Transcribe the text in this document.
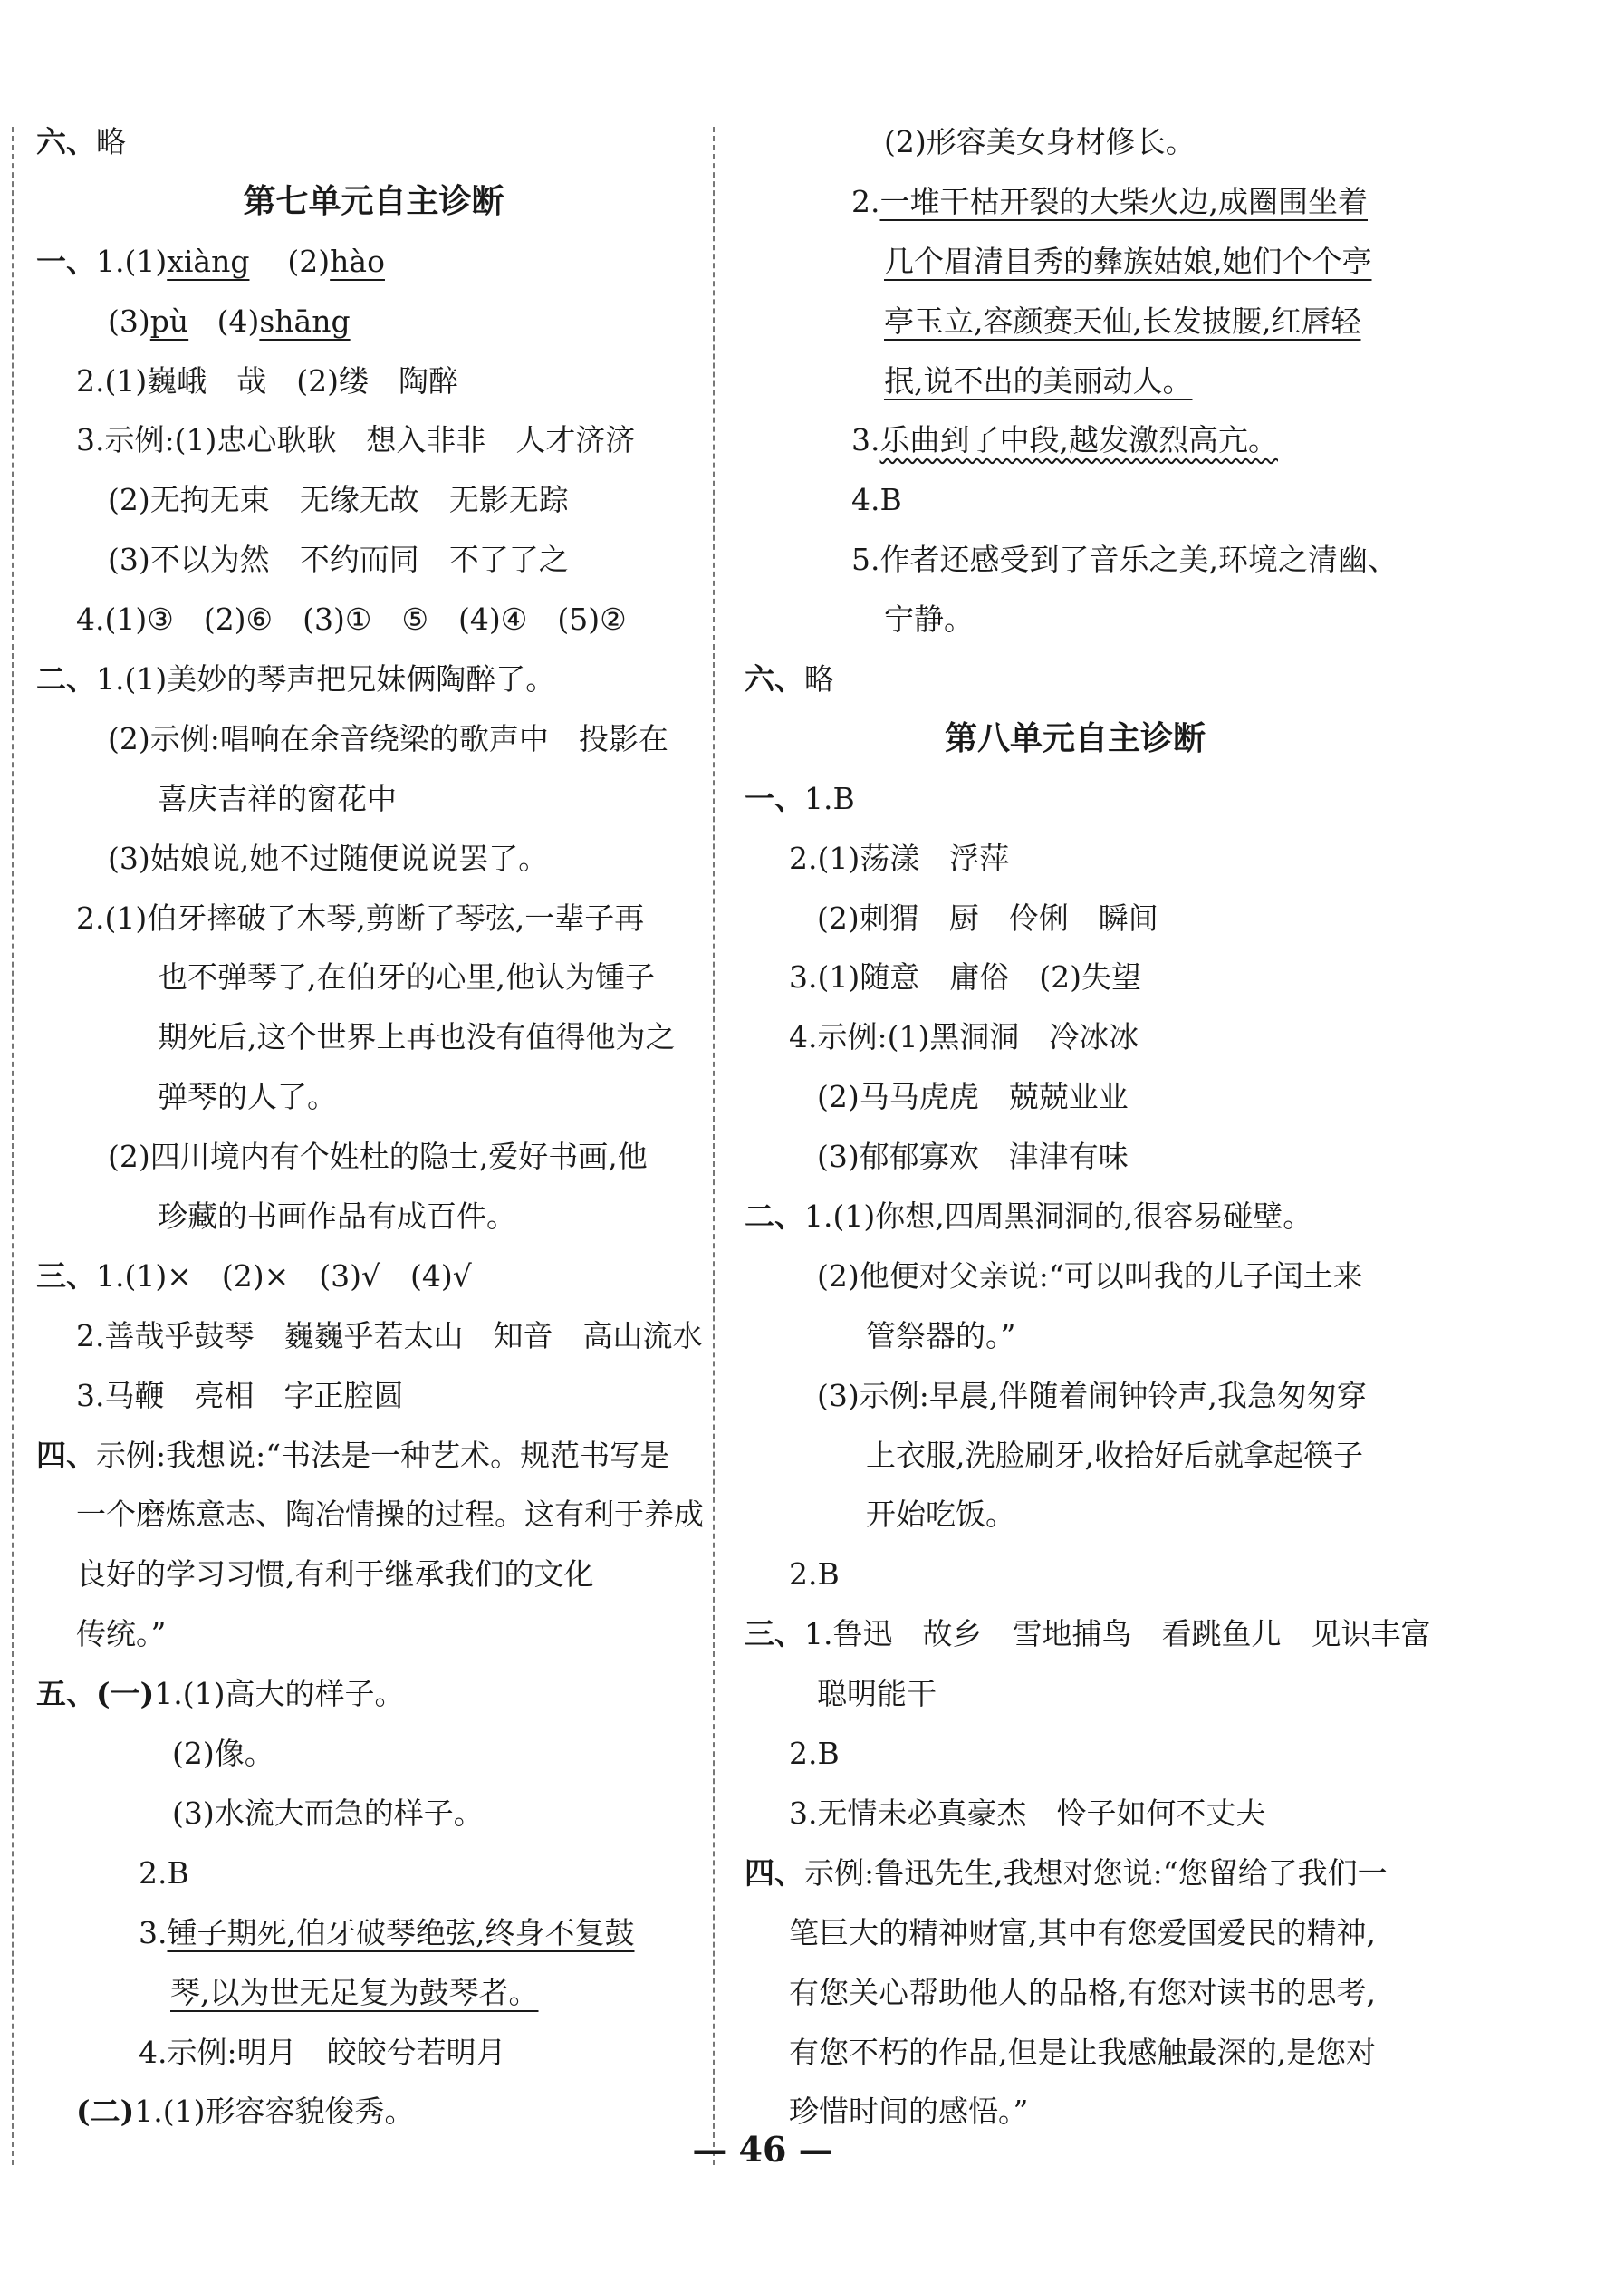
六、略
第七单元自主诊断
一、1.(1)xiàng    (2)hào
(3)pù   (4)shāng
2.(1)巍峨　哉　(2)缕　陶醉
3.示例:(1)忠心耿耿　想入非非　人才济济
(2)无拘无束　无缘无故　无影无踪
(3)不以为然　不约而同　不了了之
4.(1)③　(2)⑥　(3)①　⑤　(4)④　(5)②
二、1.(1)美妙的琴声把兄妹俩陶醉了。
(2)示例:唱响在余音绕梁的歌声中　投影在
喜庆吉祥的窗花中
(3)姑娘说,她不过随便说说罢了。
2.(1)伯牙摔破了木琴,剪断了琴弦,一辈子再
也不弹琴了,在伯牙的心里,他认为锺子
期死后,这个世界上再也没有值得他为之
弹琴的人了。
(2)四川境内有个姓杜的隐士,爱好书画,他
珍藏的书画作品有成百件。
三、1.(1)×　(2)×　(3)√　(4)√
2.善哉乎鼓琴　巍巍乎若太山　知音　高山流水
3.马鞭　亮相　字正腔圆
四、示例:我想说:“书法是一种艺术。规范书写是
一个磨炼意志、陶冶情操的过程。这有利于养成
良好的学习习惯,有利于继承我们的文化
传统。”
五、(一)1.(1)高大的样子。
(2)像。
(3)水流大而急的样子。
2.B
3.锺子期死,伯牙破琴绝弦,终身不复鼓
琴,以为世无足复为鼓琴者。
4.示例:明月　皎皎兮若明月
(二)1.(1)形容容貌俊秀。
(2)形容美女身材修长。
2.一堆干枯开裂的大柴火边,成圈围坐着
几个眉清目秀的彝族姑娘,她们个个亭
亭玉立,容颜赛天仙,长发披腰,红唇轻
抿,说不出的美丽动人。
3.乐曲到了中段,越发激烈高亢。
4.B
5.作者还感受到了音乐之美,环境之清幽、
宁静。
六、略
第八单元自主诊断
一、1.B
2.(1)荡漾　浮萍
(2)刺猬　厨　伶俐　瞬间
3.(1)随意　庸俗　(2)失望
4.示例:(1)黑洞洞　冷冰冰
(2)马马虎虎　兢兢业业
(3)郁郁寡欢　津津有味
二、1.(1)你想,四周黑洞洞的,很容易碰壁。
(2)他便对父亲说:“可以叫我的儿子闰土来
管祭器的。”
(3)示例:早晨,伴随着闹钟铃声,我急匆匆穿
上衣服,洗脸刷牙,收拾好后就拿起筷子
开始吃饭。
2.B
三、1.鲁迅　故乡　雪地捕鸟　看跳鱼儿　见识丰富
聪明能干
2.B
3.无情未必真豪杰　怜子如何不丈夫
四、示例:鲁迅先生,我想对您说:“您留给了我们一
笔巨大的精神财富,其中有您爱国爱民的精神,
有您关心帮助他人的品格,有您对读书的思考,
有您不朽的作品,但是让我感触最深的,是您对
珍惜时间的感悟。”
— 46 —
